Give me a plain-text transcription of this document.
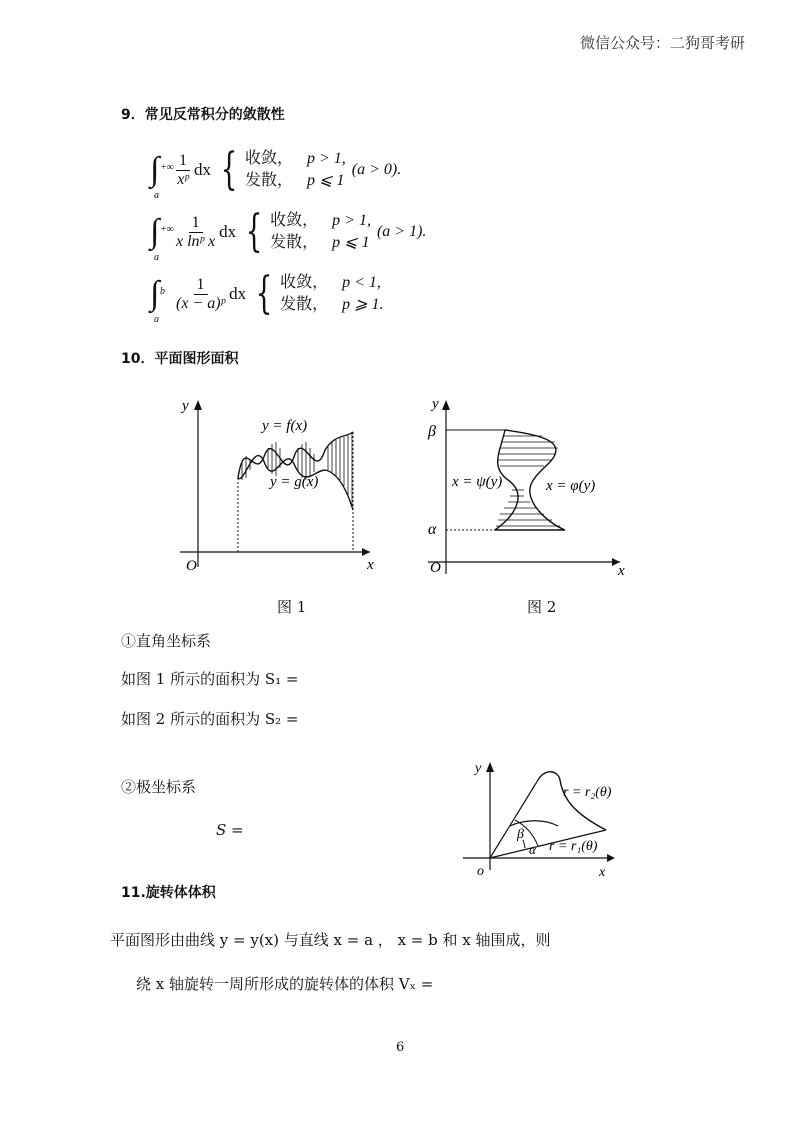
微信公众号：二狗哥考研
9．常见反常积分的敛散性
∫ +∞
a
$\frac{1}{\text{xᵖ}}$ dx { 收敛， p > 1,
发散， p ⩽ 1
(a > 0).
∫ +∞
a
$\frac{1}{\text{x lnᵖ x}}$ dx { 收敛， p > 1,
发散， p ⩽ 1
(a > 1).
∫ b
a
$\frac{1}{\text{(x − a)ᵖ}}$ dx { 收敛， p < 1,
发散， p ⩾ 1.
10．平面图形面积
O
y
x
y = f(x)
y = g(x)
图 1
O
y
x
β
α
x = ψ(y)	x = φ(y)
图 2
①直角坐标系
如图 1 所示的面积为 S₁ =
如图 2 所示的面积为 S₂ =
②极坐标系
S =
o
y
x
r = r₂(θ)
r = r₁(θ)
β
α
11.旋转体体积
平面图形由曲线 y = y(x) 与直线 x = a ， x = b 和 x 轴围成，则
绕 x 轴旋转一周所形成的旋转体的体积 Vₓ =
6
